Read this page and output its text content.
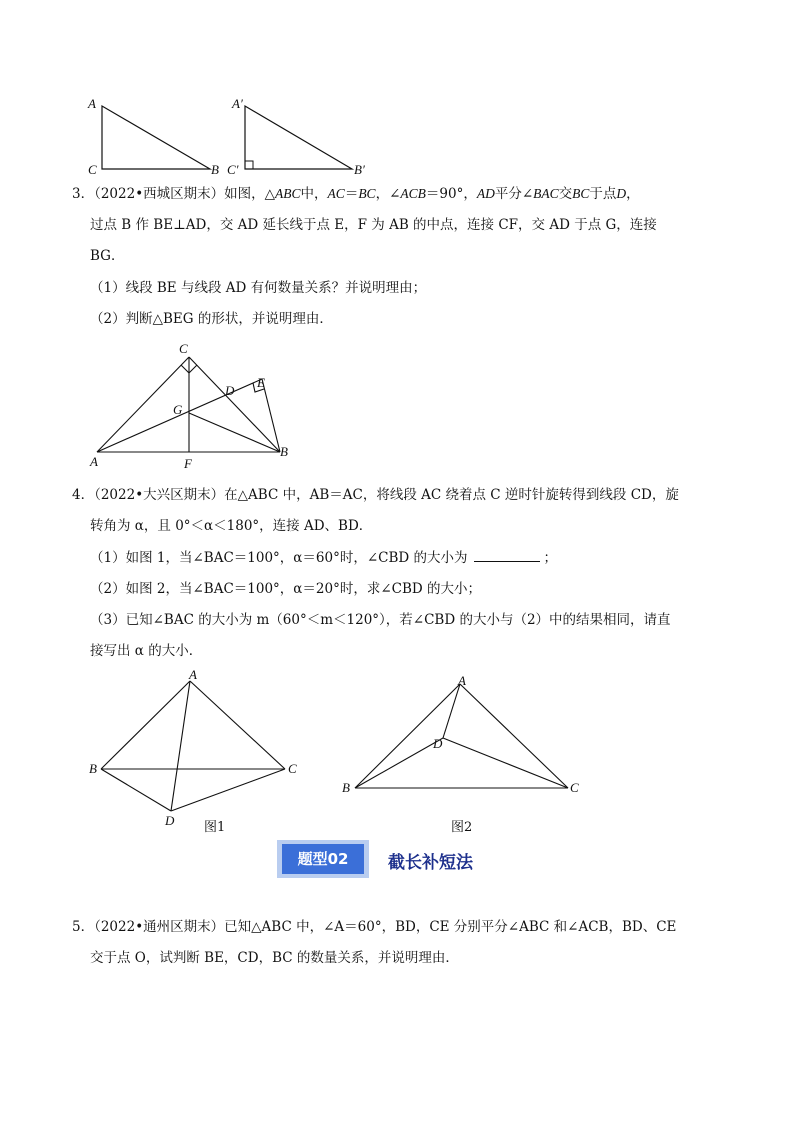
A
C	B
A′
C′	B′
3．（2022•西城区期末）如图，△ABC中，AC＝BC，∠ACB＝90°，AD平分∠BAC交BC于点D，
过点 B 作 BE⊥AD，交 AD 延长线于点 E，F 为 AB 的中点，连接 CF，交 AD 于点 G，连接
BG．
（1）线段 BE 与线段 AD 有何数量关系？并说明理由；
（2）判断△BEG 的形状，并说明理由．
C
D
E
G
A	F
B
4．（2022•大兴区期末）在△ABC 中，AB＝AC，将线段 AC 绕着点 C 逆时针旋转得到线段 CD，旋
转角为 α，且 0°＜α＜180°，连接 AD、BD．
（1）如图 1，当∠BAC＝100°，α＝60°时，∠CBD 的大小为	；
（2）如图 2，当∠BAC＝100°，α＝20°时，求∠CBD 的大小；
（3）已知∠BAC 的大小为 m（60°＜m＜120°），若∠CBD 的大小与（2）中的结果相同，请直
接写出 α 的大小．
A
B	C
D 图1
A
D
B	C
图2
题型02	截长补短法
5．（2022•通州区期末）已知△ABC 中，∠A＝60°，BD，CE 分别平分∠ABC 和∠ACB，BD、CE
交于点 O，试判断 BE，CD，BC 的数量关系，并说明理由．
